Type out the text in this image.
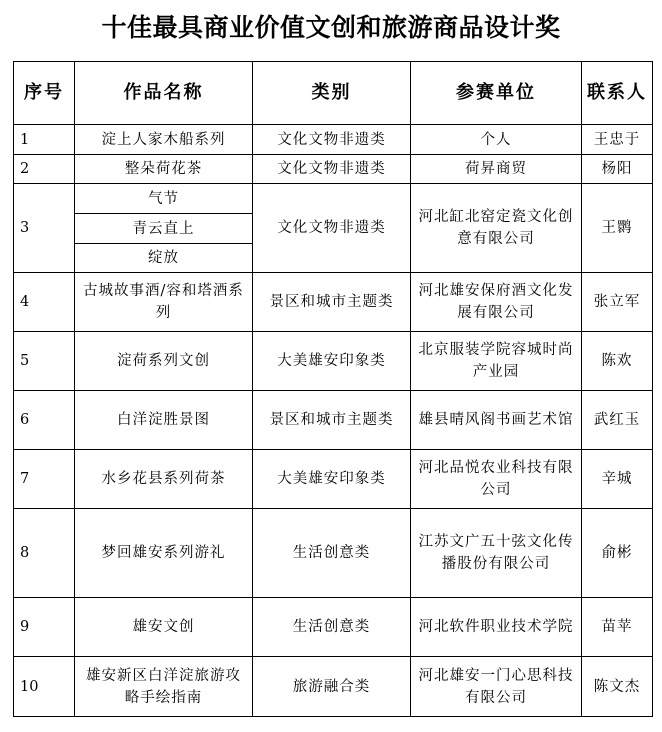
十佳最具商业价值文创和旅游商品设计奖
序号	作品名称	类别	参赛单位	联系人
1	淀上人家木船系列	文化文物非遗类	个人	王忠于
2	整朵荷花茶	文化文物非遗类	荷昇商贸	杨阳
3	气节	文化文物非遗类	河北缸北窑定瓷文化创意有限公司	王鹮
	青云直上			
	绽放			
4	古城故事酒/容和塔酒系列	景区和城市主题类	河北雄安保府酒文化发展有限公司	张立军
5	淀荷系列文创	大美雄安印象类	北京服装学院容城时尚产业园	陈欢
6	白洋淀胜景图	景区和城市主题类	雄县晴风阁书画艺术馆	武红玉
7	水乡花县系列荷茶	大美雄安印象类	河北品悦农业科技有限公司	辛城
8	梦回雄安系列游礼	生活创意类	江苏文广五十弦文化传播股份有限公司	俞彬
9	雄安文创	生活创意类	河北软件职业技术学院	苗苹
10	雄安新区白洋淀旅游攻略手绘指南	旅游融合类	河北雄安一门心思科技有限公司	陈文杰
